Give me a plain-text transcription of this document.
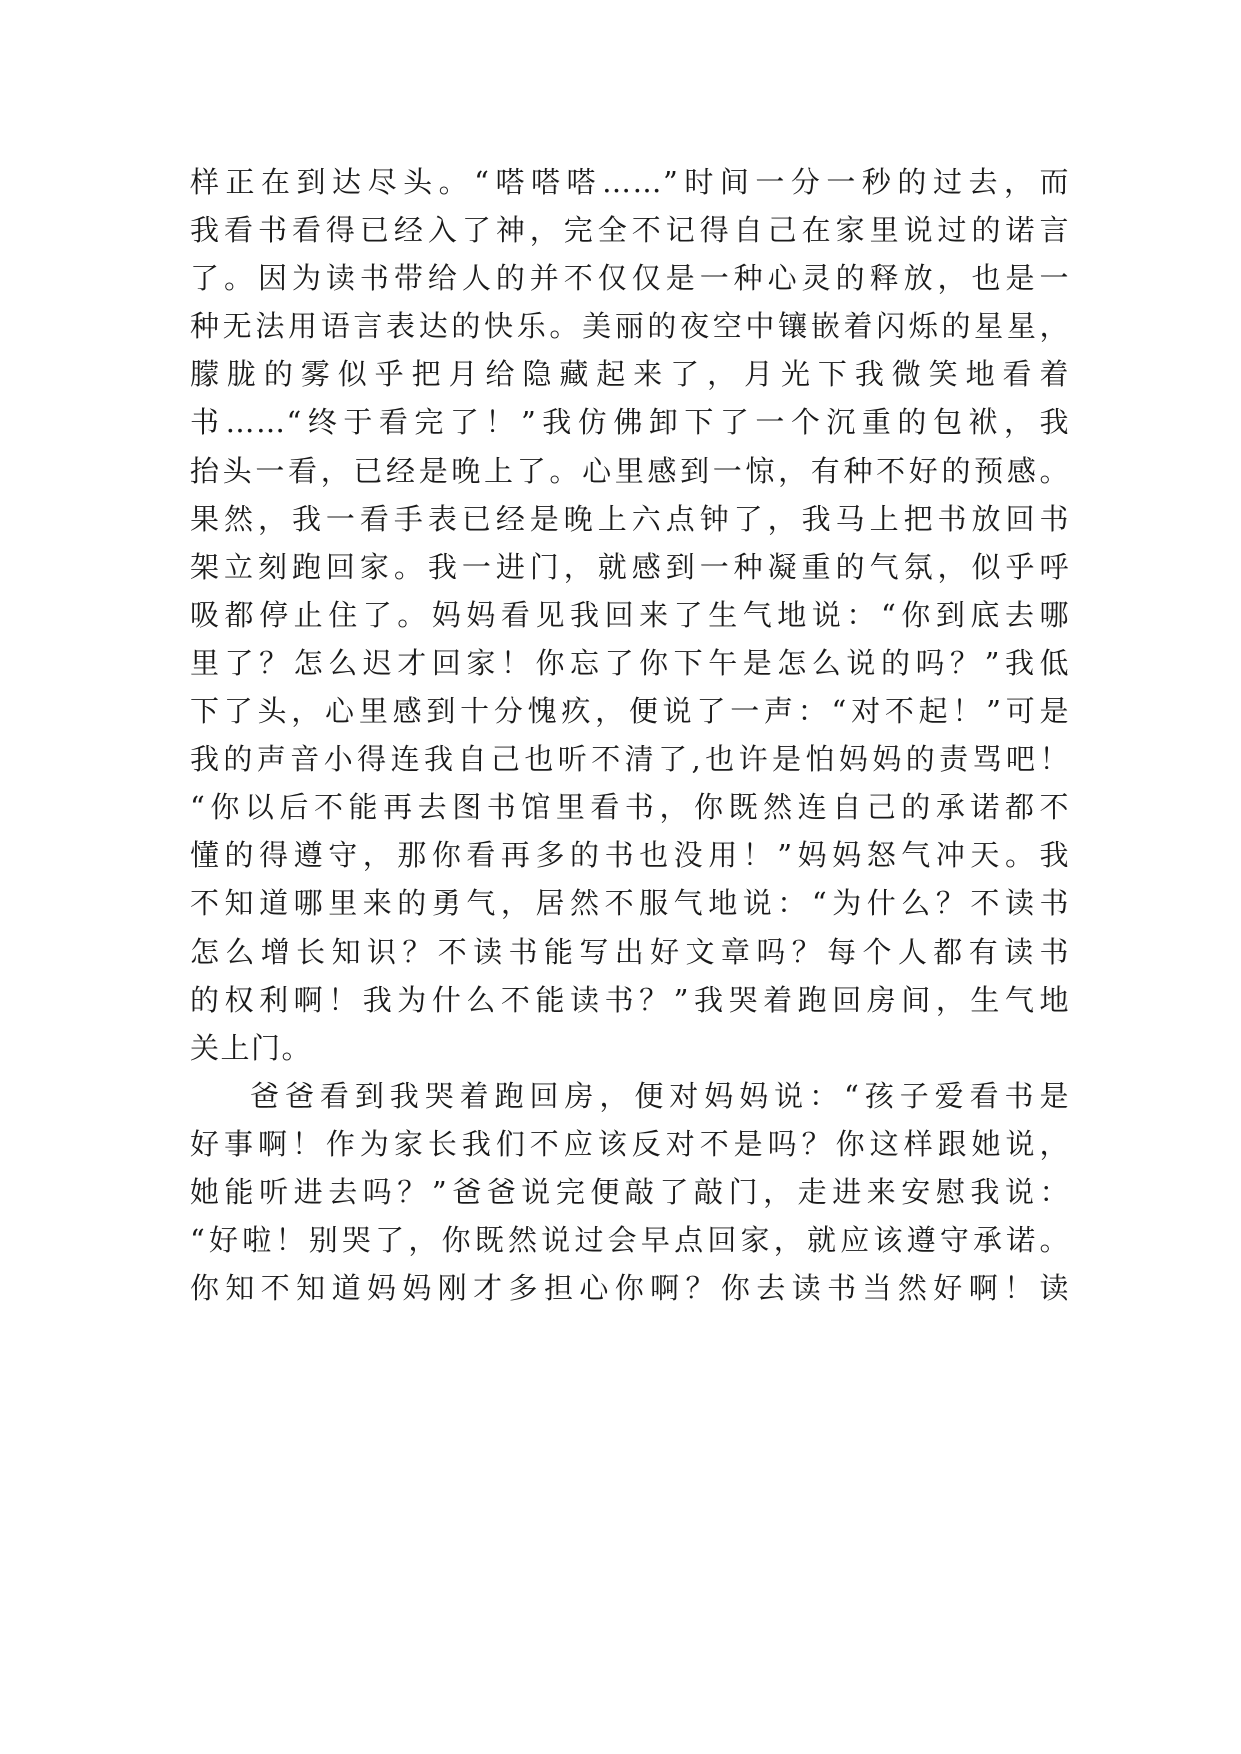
样正在到达尽头。“嗒嗒嗒……”时间一分一秒的过去，而
我看书看得已经入了神，完全不记得自己在家里说过的诺言
了。因为读书带给人的并不仅仅是一种心灵的释放，也是一
种无法用语言表达的快乐。美丽的夜空中镶嵌着闪烁的星星，
朦胧的雾似乎把月给隐藏起来了，月光下我微笑地看着
书……“终于看完了！”我仿佛卸下了一个沉重的包袱，我
抬头一看，已经是晚上了。心里感到一惊，有种不好的预感。
果然，我一看手表已经是晚上六点钟了，我马上把书放回书
架立刻跑回家。我一进门，就感到一种凝重的气氛，似乎呼
吸都停止住了。妈妈看见我回来了生气地说：“你到底去哪
里了？怎么迟才回家！你忘了你下午是怎么说的吗？”我低
下了头，心里感到十分愧疚，便说了一声：“对不起！”可是
我的声音小得连我自己也听不清了,也许是怕妈妈的责骂吧！
“你以后不能再去图书馆里看书，你既然连自己的承诺都不
懂的得遵守，那你看再多的书也没用！”妈妈怒气冲天。我
不知道哪里来的勇气，居然不服气地说：“为什么？不读书
怎么增长知识？不读书能写出好文章吗？每个人都有读书
的权利啊！我为什么不能读书？”我哭着跑回房间，生气地
关上门。
爸爸看到我哭着跑回房，便对妈妈说：“孩子爱看书是
好事啊！作为家长我们不应该反对不是吗？你这样跟她说，
她能听进去吗？”爸爸说完便敲了敲门，走进来安慰我说：
“好啦！别哭了，你既然说过会早点回家，就应该遵守承诺。
你知不知道妈妈刚才多担心你啊？你去读书当然好啊！读
